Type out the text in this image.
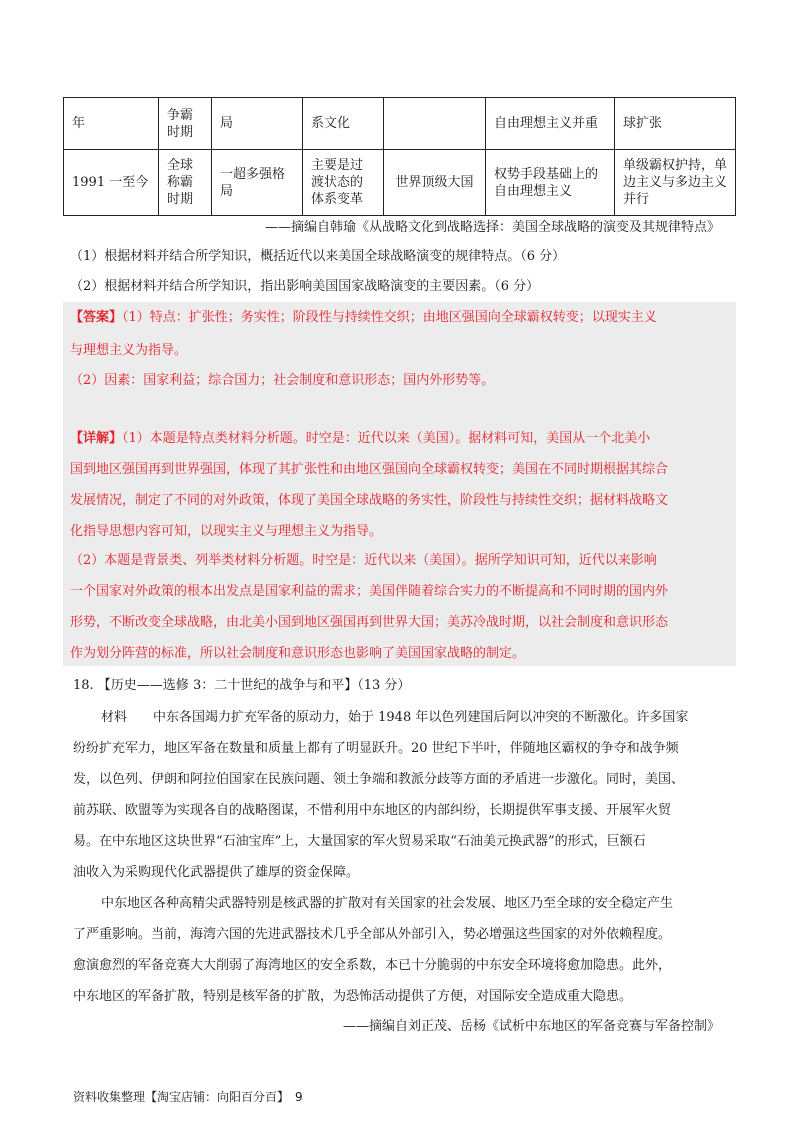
年	争霸时期	局	系文化		自由理想主义并重	球扩张
1991 一至今	全球称霸时期	一超多强格局	主要是过渡状态的体系变革	世界顶级大国	权势手段基础上的自由理想主义	单级霸权护持，单边主义与多边主义并行
——摘编自韩瑜《从战略文化到战略选择：美国全球战略的演变及其规律特点》
（1）根据材料并结合所学知识，概括近代以来美国全球战略演变的规律特点。（6 分）
（2）根据材料并结合所学知识，指出影响美国国家战略演变的主要因素。（6 分）
【答案】（1）特点：扩张性；务实性；阶段性与持续性交织；由地区强国向全球霸权转变；以现实主义
与理想主义为指导。
（2）因素：国家利益；综合国力；社会制度和意识形态；国内外形势等。
【详解】（1）本题是特点类材料分析题。时空是：近代以来（美国）。据材料可知，美国从一个北美小
国到地区强国再到世界强国，体现了其扩张性和由地区强国向全球霸权转变；美国在不同时期根据其综合
发展情况，制定了不同的对外政策，体现了美国全球战略的务实性，阶段性与持续性交织；据材料战略文
化指导思想内容可知，以现实主义与理想主义为指导。
（2）本题是背景类、列举类材料分析题。时空是：近代以来（美国）。据所学知识可知，近代以来影响
一个国家对外政策的根本出发点是国家利益的需求；美国伴随着综合实力的不断提高和不同时期的国内外
形势，不断改变全球战略，由北美小国到地区强国再到世界大国；美苏冷战时期，以社会制度和意识形态
作为划分阵营的标准，所以社会制度和意识形态也影响了美国国家战略的制定。
18. 【历史——选修 3：二十世纪的战争与和平】（13 分）
材料　　中东各国竭力扩充军备的原动力，始于 1948 年以色列建国后阿以冲突的不断激化。许多国家
纷纷扩充军力，地区军备在数量和质量上都有了明显跃升。20 世纪下半叶，伴随地区霸权的争夺和战争频
发，以色列、伊朗和阿拉伯国家在民族问题、领土争端和教派分歧等方面的矛盾进一步激化。同时，美国、
前苏联、欧盟等为实现各自的战略图谋，不惜利用中东地区的内部纠纷，长期提供军事支援、开展军火贸
易。在中东地区这块世界“石油宝库”上，大量国家的军火贸易采取“石油美元换武器”的形式，巨额石
油收入为采购现代化武器提供了雄厚的资金保障。
中东地区各种高精尖武器特别是核武器的扩散对有关国家的社会发展、地区乃至全球的安全稳定产生
了严重影响。当前，海湾六国的先进武器技术几乎全部从外部引入，势必增强这些国家的对外依赖程度。
愈演愈烈的军备竞赛大大削弱了海湾地区的安全系数，本已十分脆弱的中东安全环境将愈加隐患。此外，
中东地区的军备扩散，特别是核军备的扩散，为恐怖活动提供了方便，对国际安全造成重大隐患。
——摘编自刘正茂、岳杨《试析中东地区的军备竞赛与军备控制》
资料收集整理【淘宝店铺：向阳百分百】　9
